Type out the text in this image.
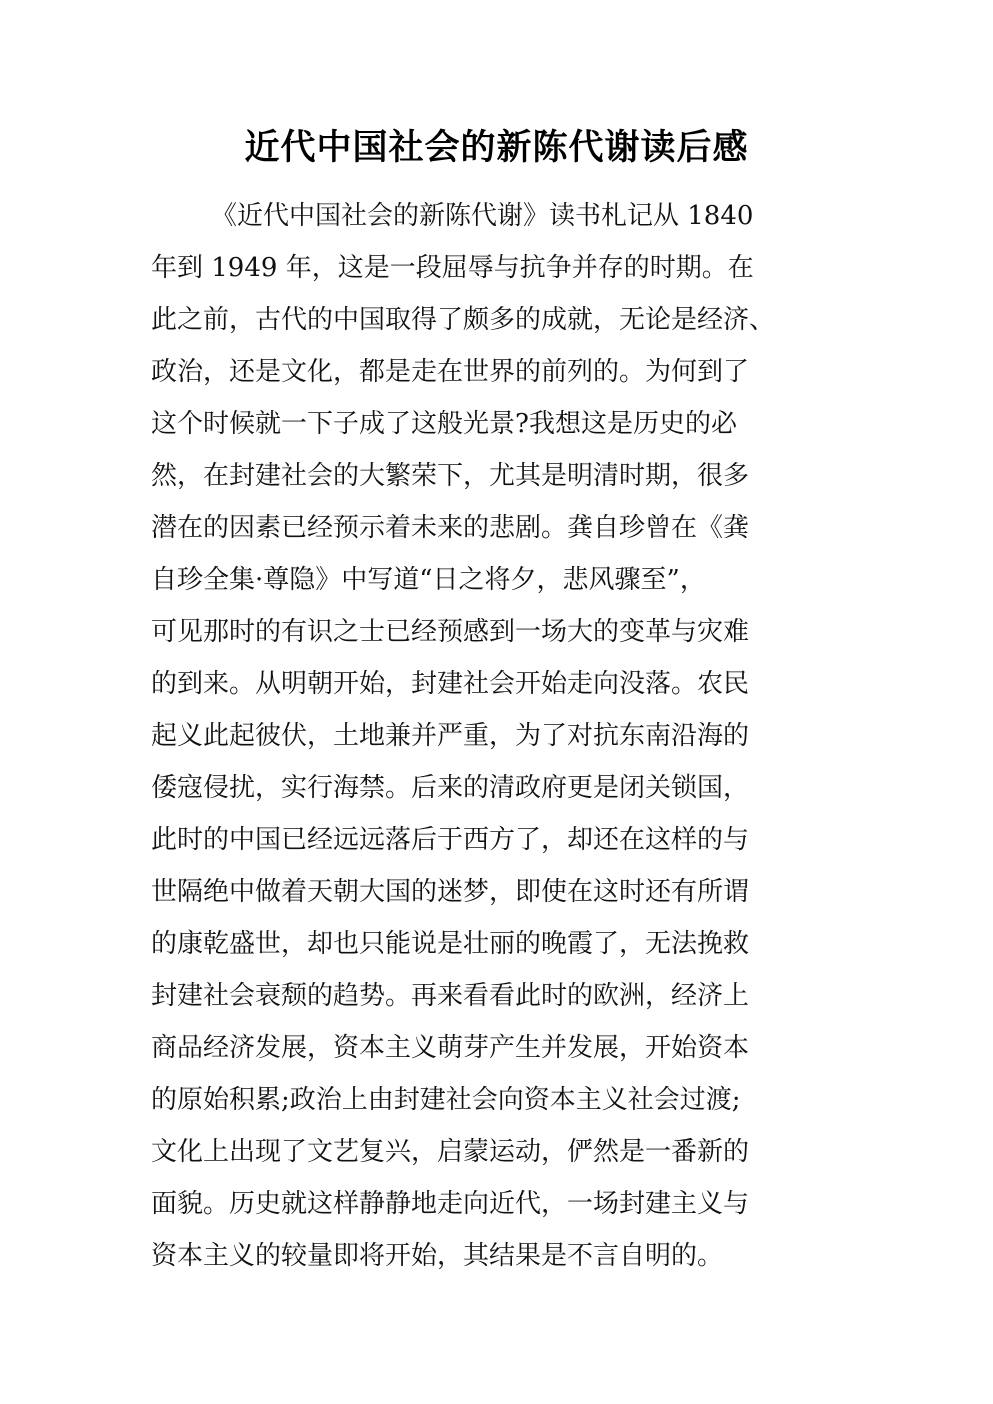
近代中国社会的新陈代谢读后感
《近代中国社会的新陈代谢》读书札记从 1840
年到 1949 年，这是一段屈辱与抗争并存的时期。在
此之前，古代的中国取得了颇多的成就，无论是经济、
政治，还是文化，都是走在世界的前列的。为何到了
这个时候就一下子成了这般光景?我想这是历史的必
然，在封建社会的大繁荣下，尤其是明清时期，很多
潜在的因素已经预示着未来的悲剧。龚自珍曾在《龚
自珍全集·尊隐》中写道“日之将夕，悲风骤至”，
可见那时的有识之士已经预感到一场大的变革与灾难
的到来。从明朝开始，封建社会开始走向没落。农民
起义此起彼伏，土地兼并严重，为了对抗东南沿海的
倭寇侵扰，实行海禁。后来的清政府更是闭关锁国，
此时的中国已经远远落后于西方了，却还在这样的与
世隔绝中做着天朝大国的迷梦，即使在这时还有所谓
的康乾盛世，却也只能说是壮丽的晚霞了，无法挽救
封建社会衰颓的趋势。再来看看此时的欧洲，经济上
商品经济发展，资本主义萌芽产生并发展，开始资本
的原始积累;政治上由封建社会向资本主义社会过渡;
文化上出现了文艺复兴，启蒙运动，俨然是一番新的
面貌。历史就这样静静地走向近代，一场封建主义与
资本主义的较量即将开始，其结果是不言自明的。
